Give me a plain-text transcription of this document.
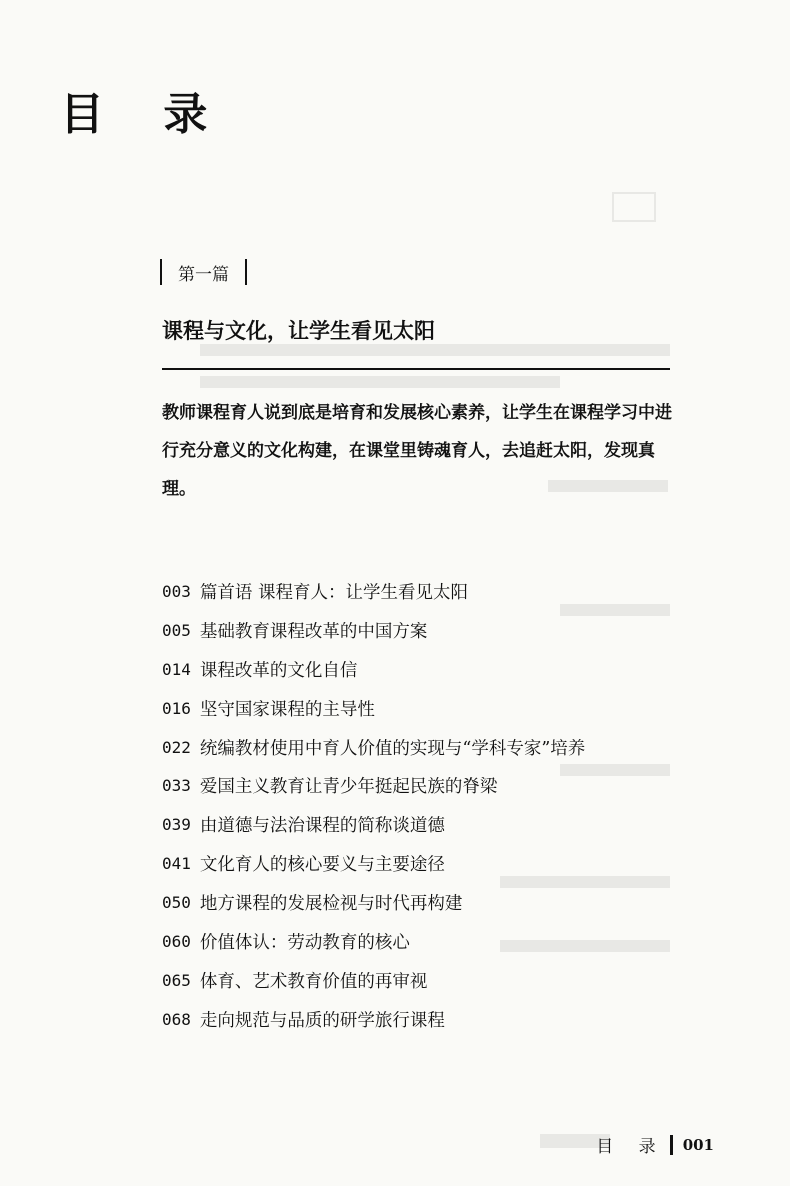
目 录
第一篇
课程与文化，让学生看见太阳
教师课程育人说到底是培育和发展核心素养，让学生在课程学习中进行充分意义的文化构建，在课堂里铸魂育人，去追赶太阳，发现真理。
003 篇首语 课程育人：让学生看见太阳
005 基础教育课程改革的中国方案
014 课程改革的文化自信
016 坚守国家课程的主导性
022 统编教材使用中育人价值的实现与“学科专家”培养
033 爱国主义教育让青少年挺起民族的脊梁
039 由道德与法治课程的简称谈道德
041 文化育人的核心要义与主要途径
050 地方课程的发展检视与时代再构建
060 价值体认：劳动教育的核心
065 体育、艺术教育价值的再审视
068 走向规范与品质的研学旅行课程
目 录 001
